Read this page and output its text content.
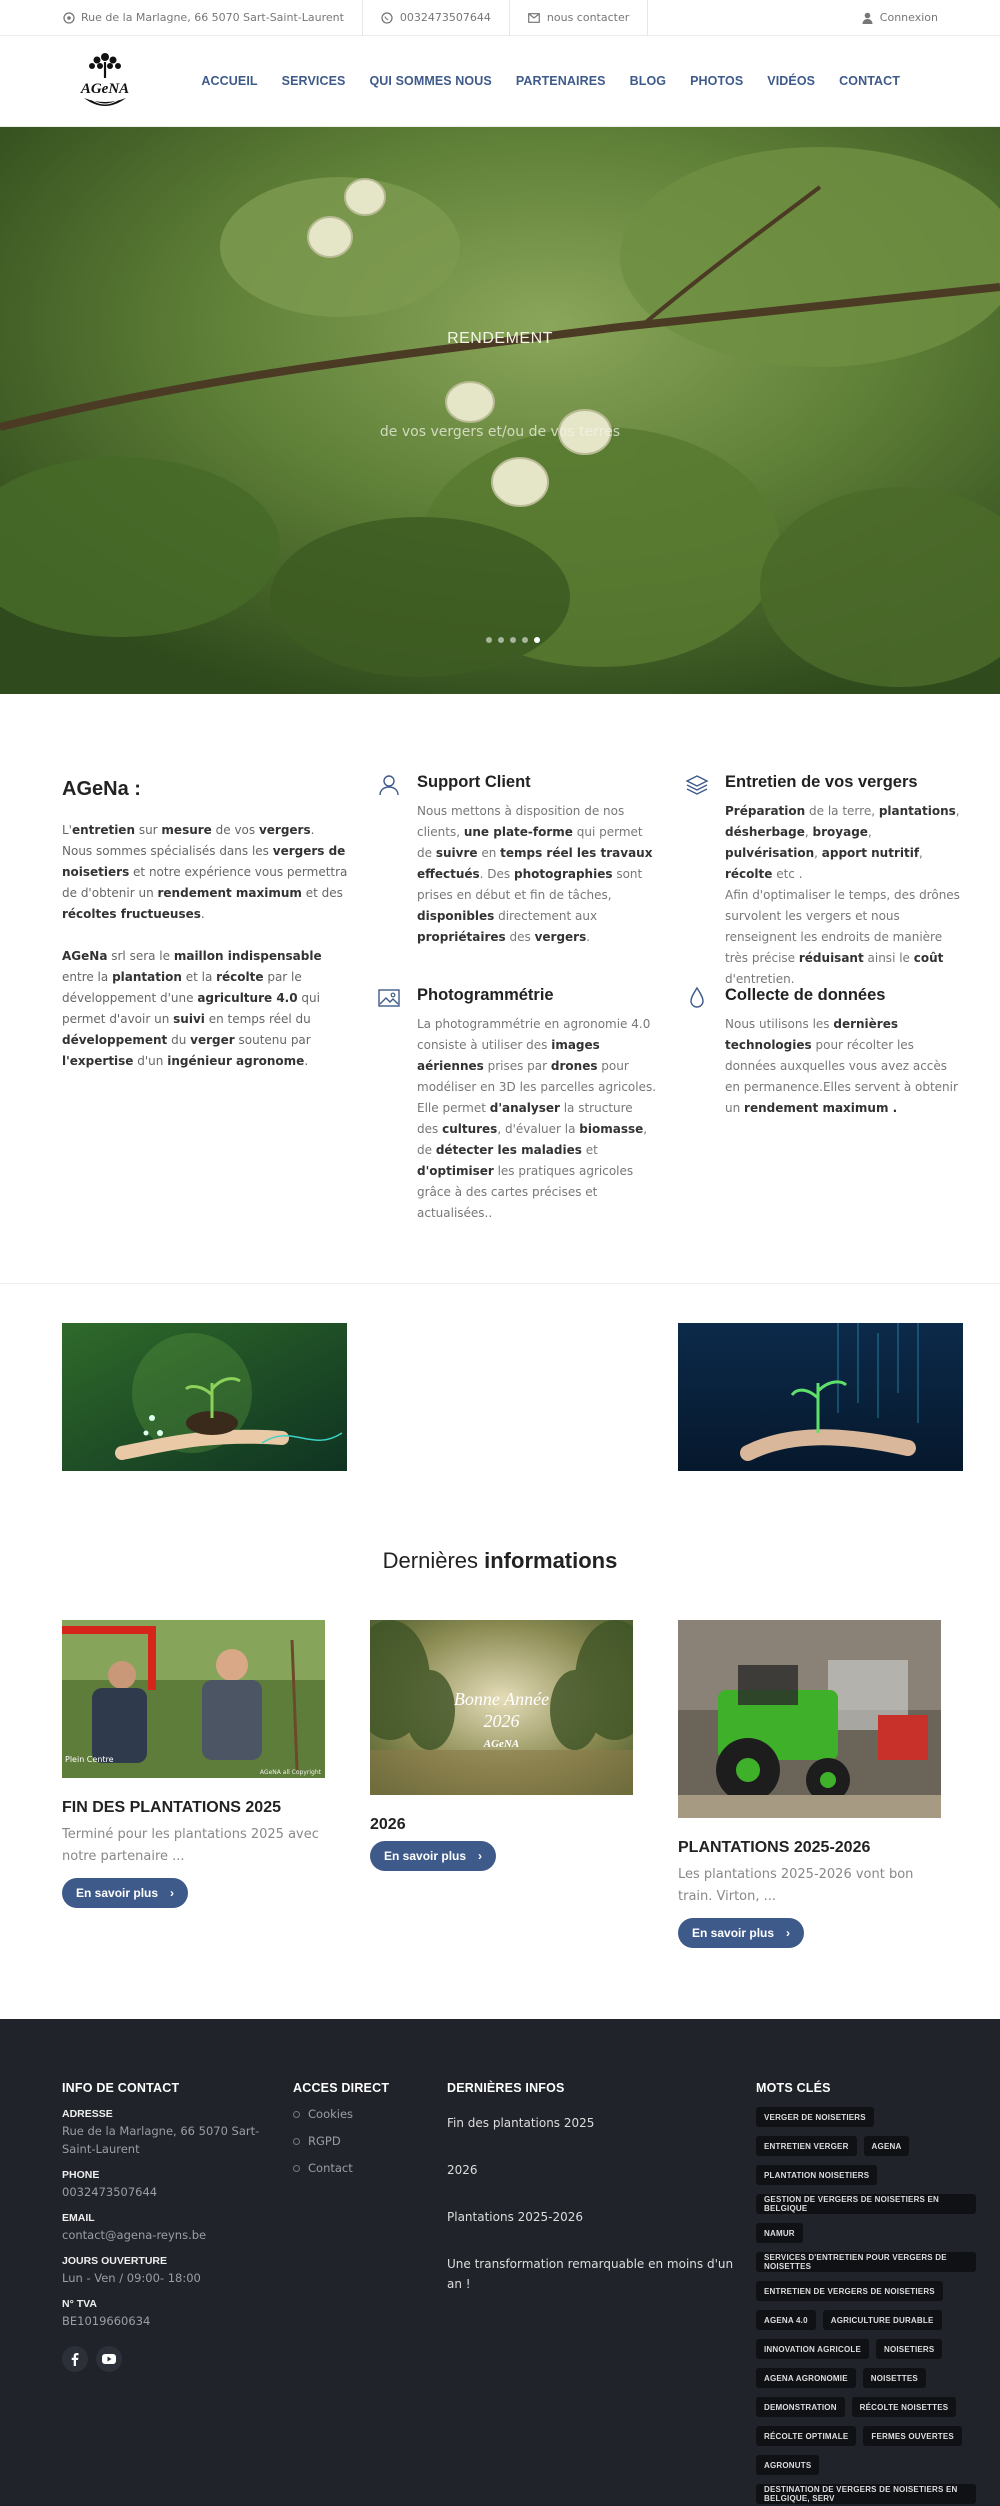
Rue de la Marlagne, 66 5070 Sart-Saint-Laurent	0032473507644	nous contacter	Connexion
AGeNA	ACCUEIL SERVICES QUI SOMMES NOUS PARTENAIRES BLOG PHOTOS VIDÉOS CONTACT
RENDEMENT
de vos vergers et/ou de vos terres
AGeNa :

L'entretien sur mesure de vos vergers.
Nous sommes spécialisés dans les vergers de noisetiers et notre expérience vous permettra de d'obtenir un rendement maximum et des récoltes fructueuses.

AGeNa srl sera le maillon indispensable entre la plantation et la récolte par le développement d'une agriculture 4.0 qui permet d'avoir un suivi en temps réel du développement du verger soutenu par l'expertise d'un ingénieur agronome.

Support Client

Nous mettons à disposition de nos clients, une plate-forme qui permet de suivre en temps réel les travaux effectués. Des photographies sont prises en début et fin de tâches, disponibles directement aux propriétaires des vergers.

Entretien de vos vergers

Préparation de la terre, plantations, désherbage, broyage, pulvérisation, apport nutritif, récolte etc .
Afin d'optimaliser le temps, des drônes survolent les vergers et nous renseignent les endroits de manière très précise réduisant ainsi le coût d'entretien.

Photogrammétrie

La photogrammétrie en agronomie 4.0 consiste à utiliser des images aériennes prises par drones pour modéliser en 3D les parcelles agricoles.
Elle permet d'analyser la structure des cultures, d'évaluer la biomasse, de détecter les maladies et d'optimiser les pratiques agricoles grâce à des cartes précises et actualisées..

Collecte de données

Nous utilisons les dernières technologies pour récolter les données auxquelles vous avez accès en permanence.Elles servent à obtenir un rendement maximum .

Dernières informations
Plein Centre
AGeNA all Copyright
FIN DES PLANTATIONS 2025

Terminé pour les plantations 2025 avec notre partenaire ...

En savoir plus ›
Bonne Année
2026
AGeNA
2026
En savoir plus ›	PLANTATIONS 2025-2026

Les plantations 2025-2026 vont bon train. Virton, ...

En savoir plus ›
INFO DE CONTACT
ADRESSE
Rue de la Marlagne, 66 5070 Sart-Saint-Laurent
PHONE
0032473507644
EMAIL
contact@agena-reyns.be
JOURS OUVERTURE
Lun - Ven / 09:00- 18:00
N° TVA
BE1019660634
ACCES DIRECT
Cookies
RGPD
Contact
DERNIÈRES INFOS
Fin des plantations 2025
2026
Plantations 2025-2026
Une transformation remarquable en moins d'un an !
MOTS CLÉS
VERGER DE NOISETIERS
ENTRETIEN VERGER	AGENA
PLANTATION NOISETIERS
GESTION DE VERGERS DE NOISETIERS EN BELGIQUE
NAMUR
SERVICES D'ENTRETIEN POUR VERGERS DE NOISETTES
ENTRETIEN DE VERGERS DE NOISETIERS
AGENA 4.0	AGRICULTURE DURABLE
INNOVATION AGRICOLE	NOISETIERS
AGENA AGRONOMIE	NOISETTES
DEMONSTRATION	RÉCOLTE NOISETTES
RÉCOLTE OPTIMALE	FERMES OUVERTES
AGRONUTS
DESTINATION DE VERGERS DE NOISETIERS EN BELGIQUE, SERV
